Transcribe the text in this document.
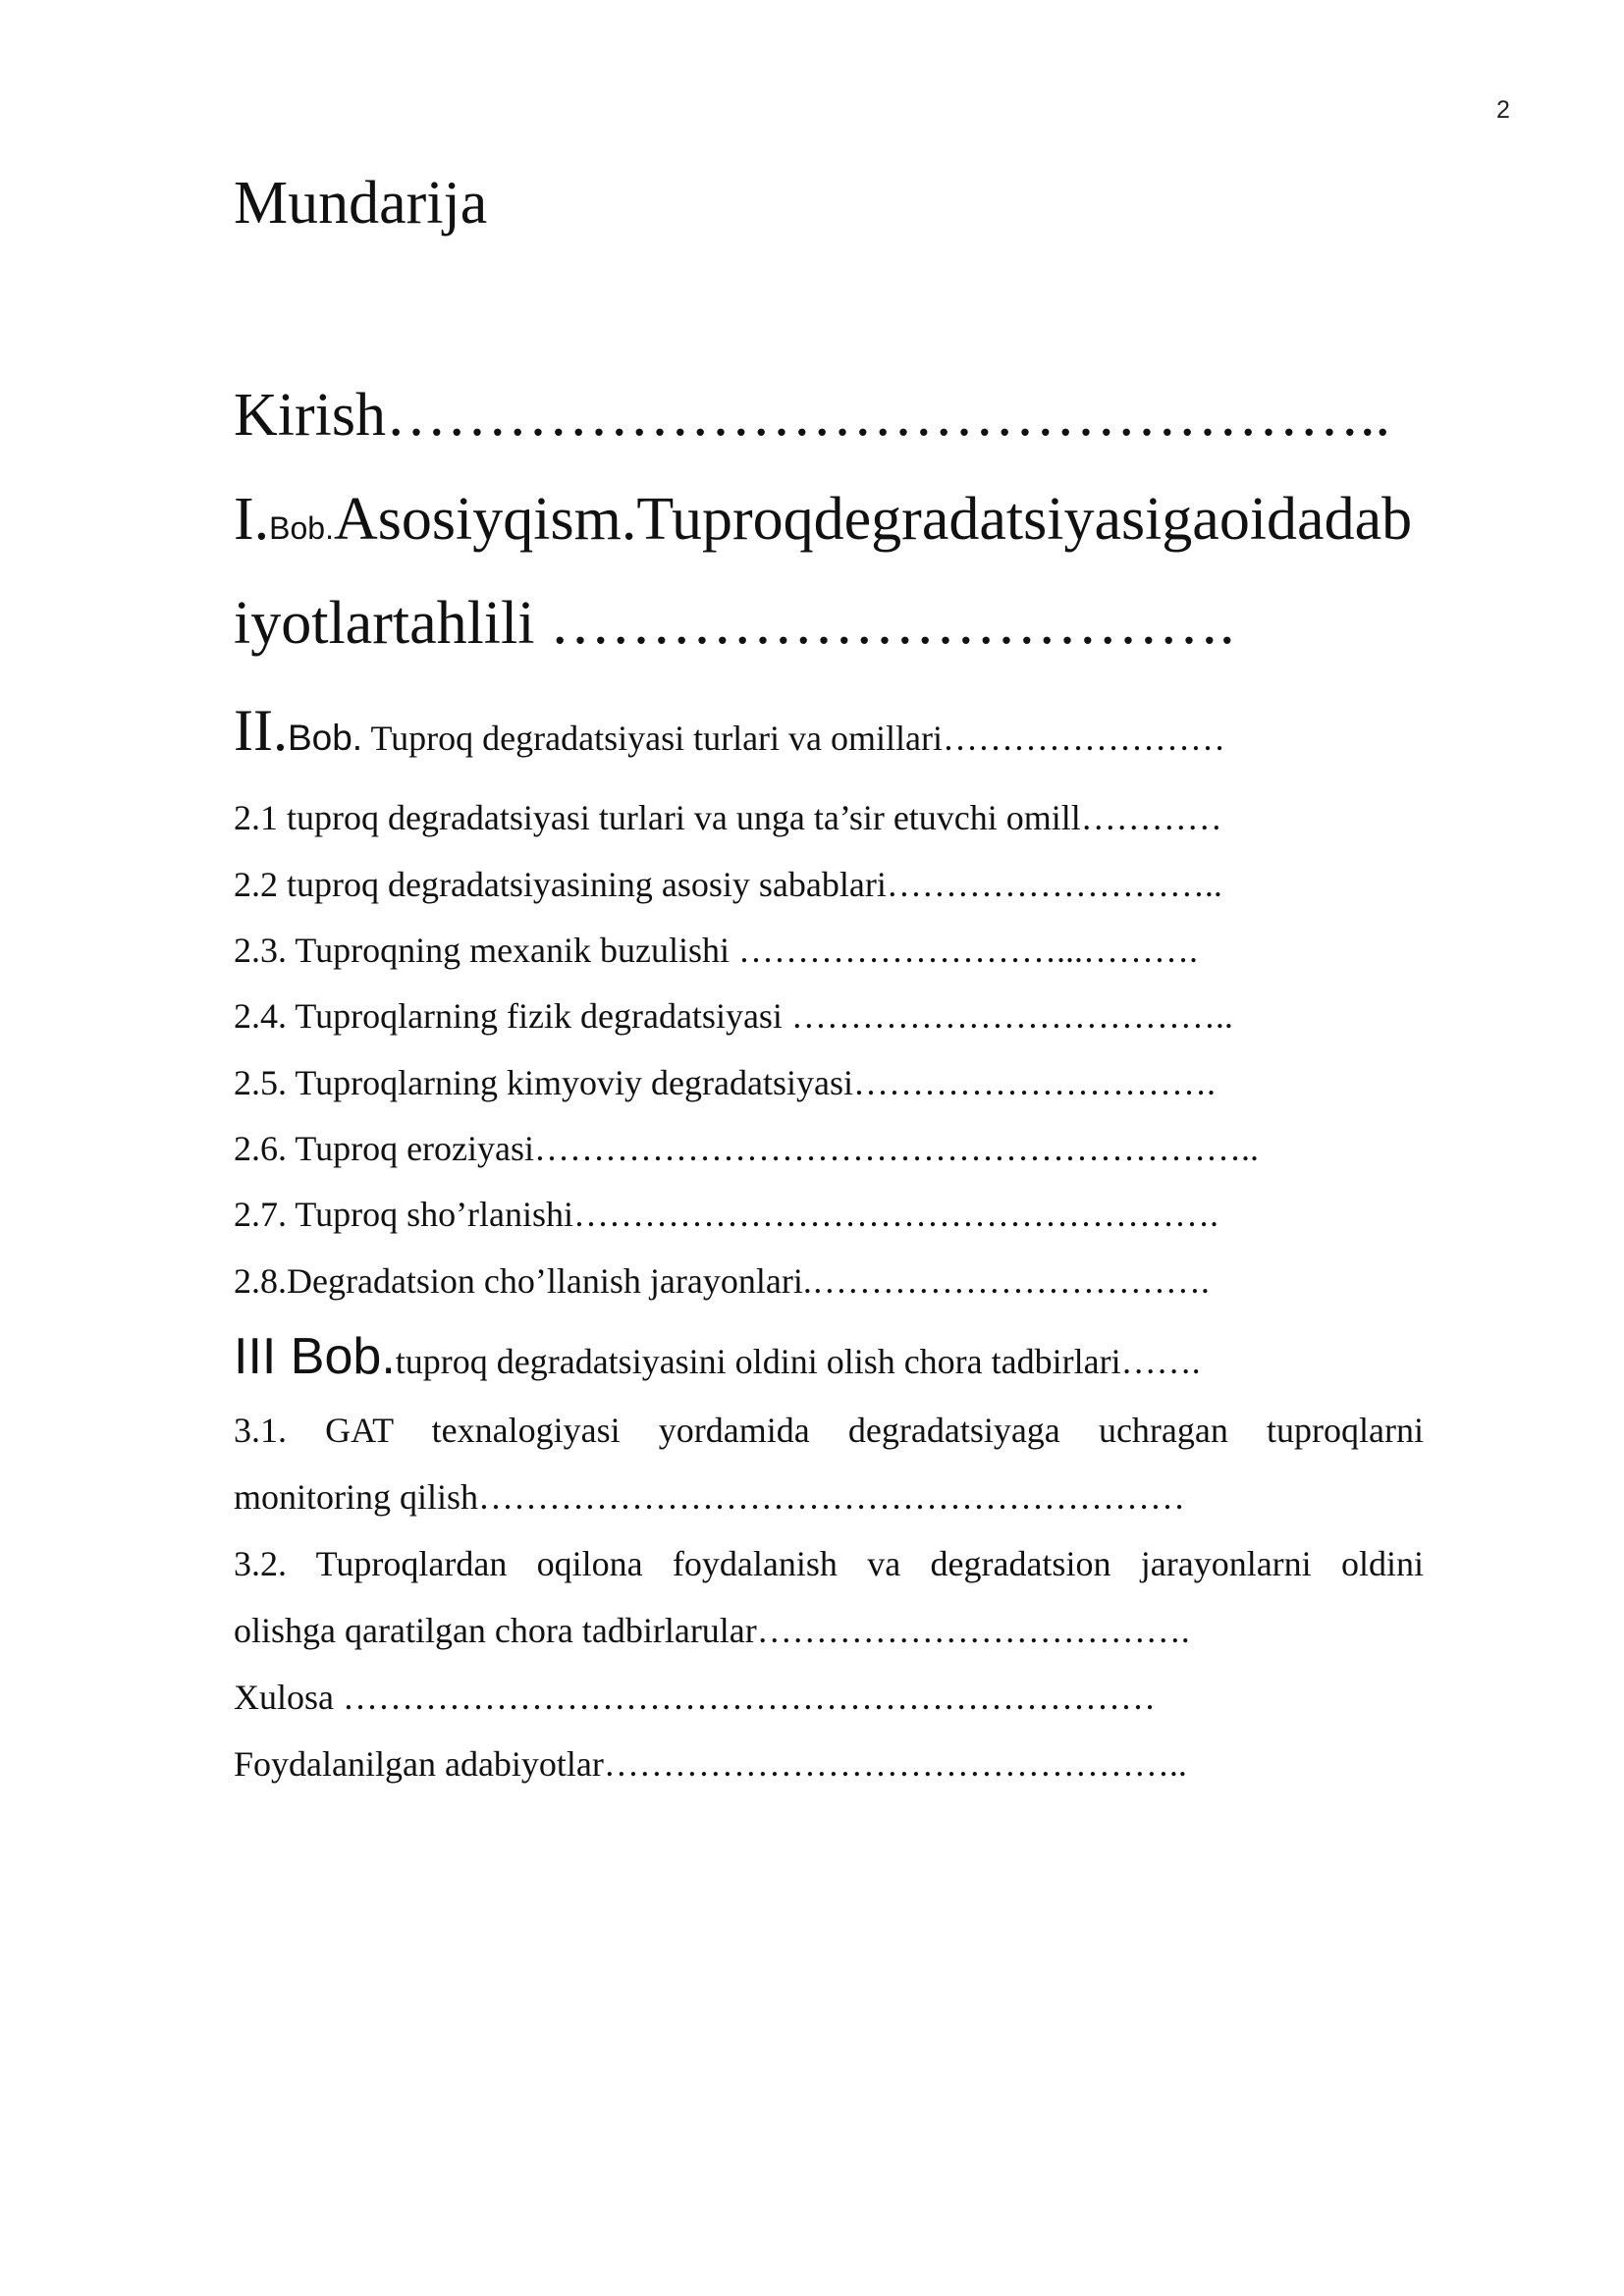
2
Mundarija
Kirish…………………………………………..
I.Bob.Asosiyqism.Tuproqdegradatsiyasigaoidadab
iyotlartahlili …………………………….
II.Bob. Tuproq degradatsiyasi turlari va omillari……………………
2.1 tuproq degradatsiyasi turlari va unga ta’sir etuvchi omill…………
2.2 tuproq degradatsiyasining asosiy sabablari………………………..
2.3. Tuproqning mexanik buzulishi ………………………...……….
2.4. Tuproqlarning fizik degradatsiyasi ………………………………..
2.5. Tuproqlarning kimyoviy degradatsiyasi………………………….
2.6. Tuproq eroziyasi……………………………………………………..
2.7. Tuproq sho’rlanishi……………………………………………….
2.8.Degradatsion cho’llanish jarayonlari.…………………………….
III Bob.tuproq degradatsiyasini oldini olish chora tadbirlari…….
3.1. GAT texnalogiyasi yordamida degradatsiyaga uchragan tuproqlarni
monitoring qilish……………………………………………………
3.2. Tuproqlardan oqilona foydalanish va degradatsion jarayonlarni oldini
olishga qaratilgan chora tadbirlarular……………………………….
Xulosa ……………………………………………………………
Foydalanilgan adabiyotlar…………………………………………..
